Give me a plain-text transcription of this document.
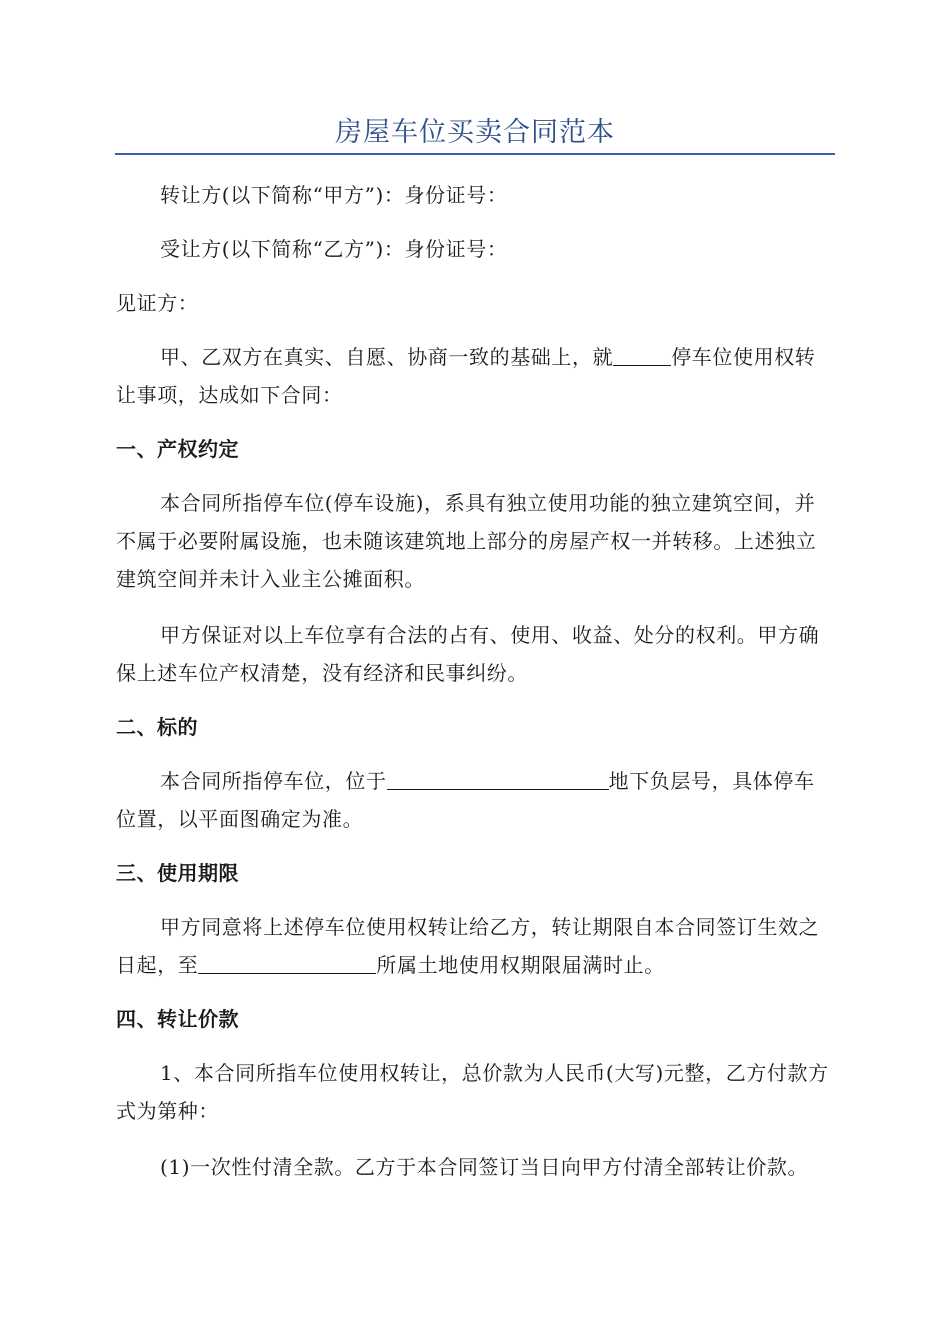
房屋车位买卖合同范本

转让方(以下简称“甲方”)：身份证号：

受让方(以下简称“乙方”)：身份证号：

见证方：

甲、乙双方在真实、自愿、协商一致的基础上，就	停车位使用权转让事项，达成如下合同：

一、产权约定

本合同所指停车位(停车设施)，系具有独立使用功能的独立建筑空间，并不属于必要附属设施，也未随该建筑地上部分的房屋产权一并转移。上述独立建筑空间并未计入业主公摊面积。

甲方保证对以上车位享有合法的占有、使用、收益、处分的权利。甲方确保上述车位产权清楚，没有经济和民事纠纷。

二、标的

本合同所指停车位，位于	地下负层号，具体停车位置，以平面图确定为准。

三、使用期限

甲方同意将上述停车位使用权转让给乙方，转让期限自本合同签订生效之日起，至	所属土地使用权期限届满时止。

四、转让价款

1、本合同所指车位使用权转让，总价款为人民币(大写)元整，乙方付款方式为第种：

(1)一次性付清全款。乙方于本合同签订当日向甲方付清全部转让价款。
